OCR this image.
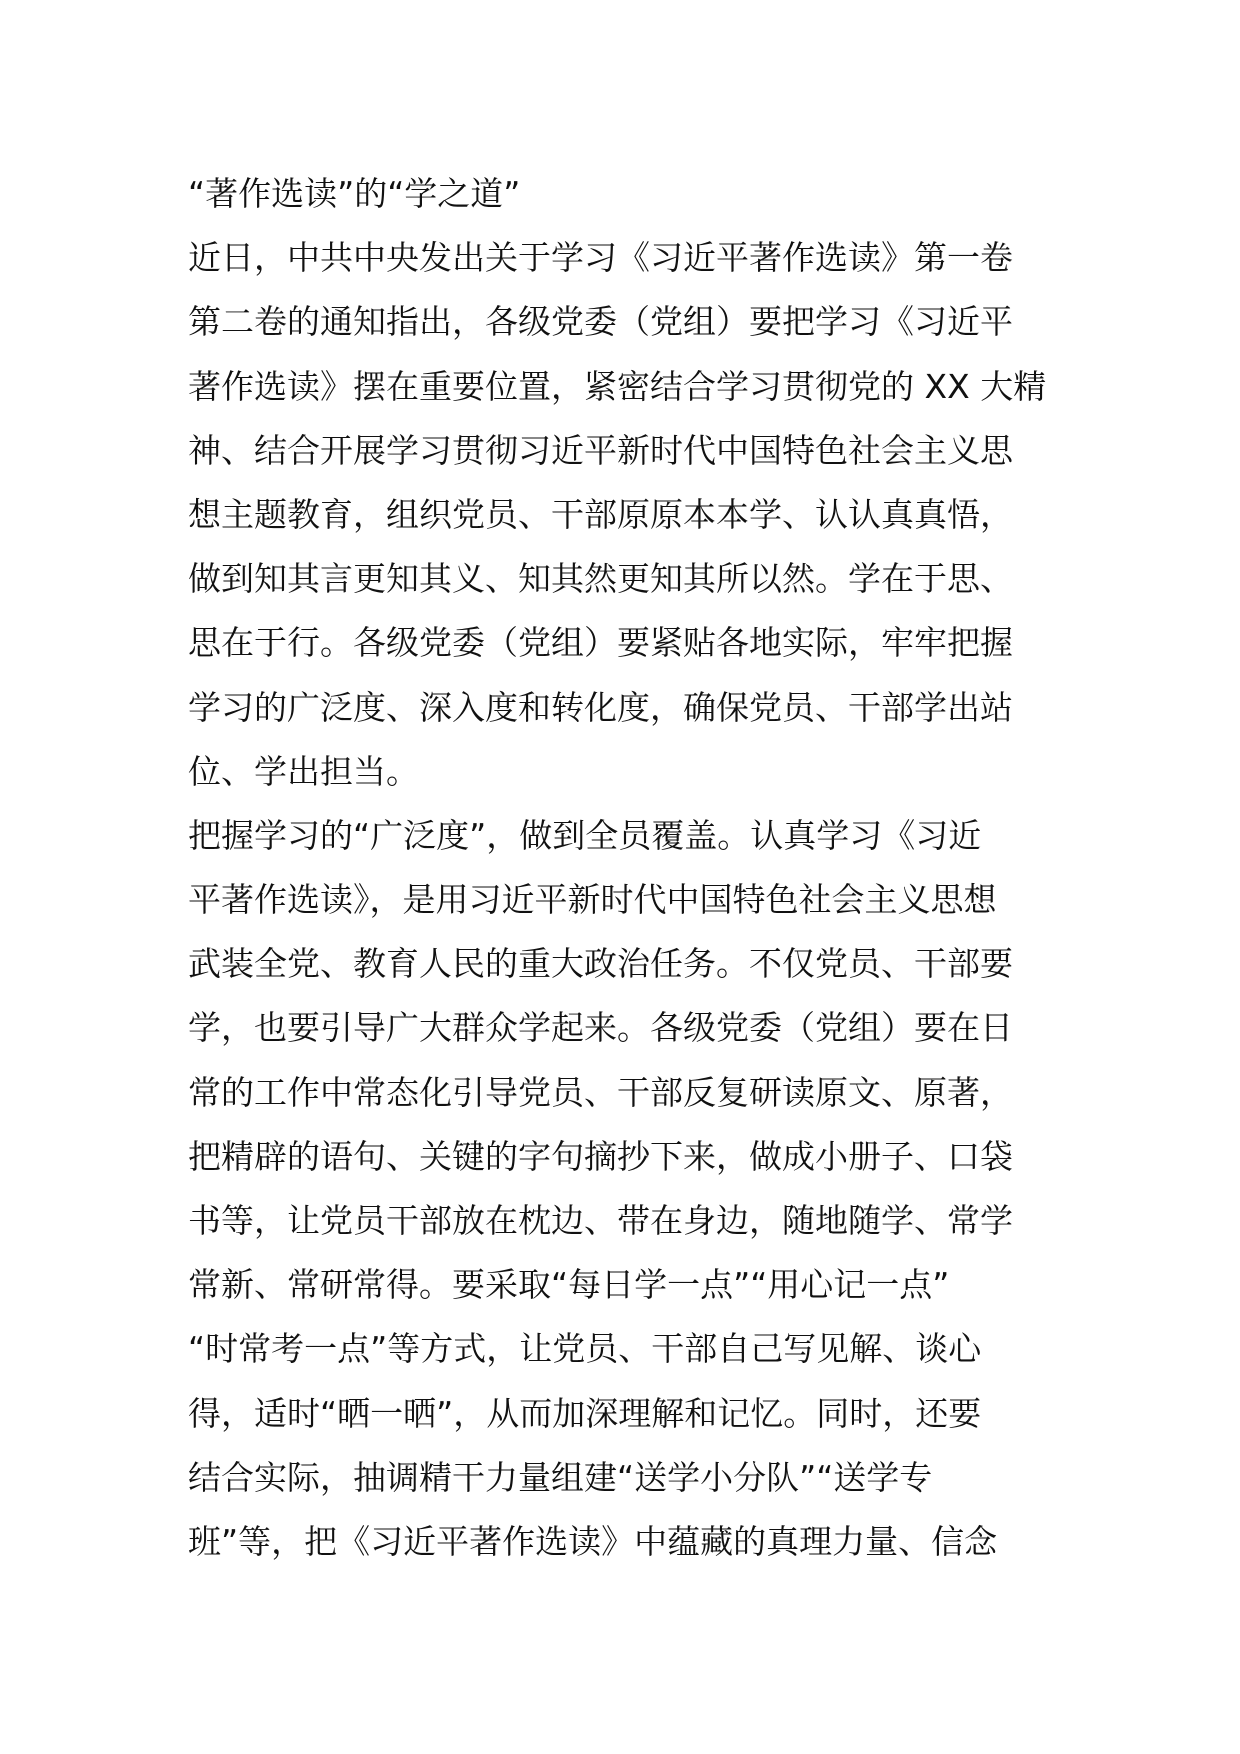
“著作选读”的“学之道”
近日，中共中央发出关于学习《习近平著作选读》第一卷
第二卷的通知指出，各级党委（党组）要把学习《习近平
著作选读》摆在重要位置，紧密结合学习贯彻党的 XX 大精
神、结合开展学习贯彻习近平新时代中国特色社会主义思
想主题教育，组织党员、干部原原本本学、认认真真悟，
做到知其言更知其义、知其然更知其所以然。学在于思、
思在于行。各级党委（党组）要紧贴各地实际，牢牢把握
学习的广泛度、深入度和转化度，确保党员、干部学出站
位、学出担当。
把握学习的“广泛度”，做到全员覆盖。认真学习《习近
平著作选读》，是用习近平新时代中国特色社会主义思想
武装全党、教育人民的重大政治任务。不仅党员、干部要
学，也要引导广大群众学起来。各级党委（党组）要在日
常的工作中常态化引导党员、干部反复研读原文、原著，
把精辟的语句、关键的字句摘抄下来，做成小册子、口袋
书等，让党员干部放在枕边、带在身边，随地随学、常学
常新、常研常得。要采取“每日学一点”“用心记一点”
“时常考一点”等方式，让党员、干部自己写见解、谈心
得，适时“晒一晒”，从而加深理解和记忆。同时，还要
结合实际，抽调精干力量组建“送学小分队”“送学专
班”等，把《习近平著作选读》中蕴藏的真理力量、信念
